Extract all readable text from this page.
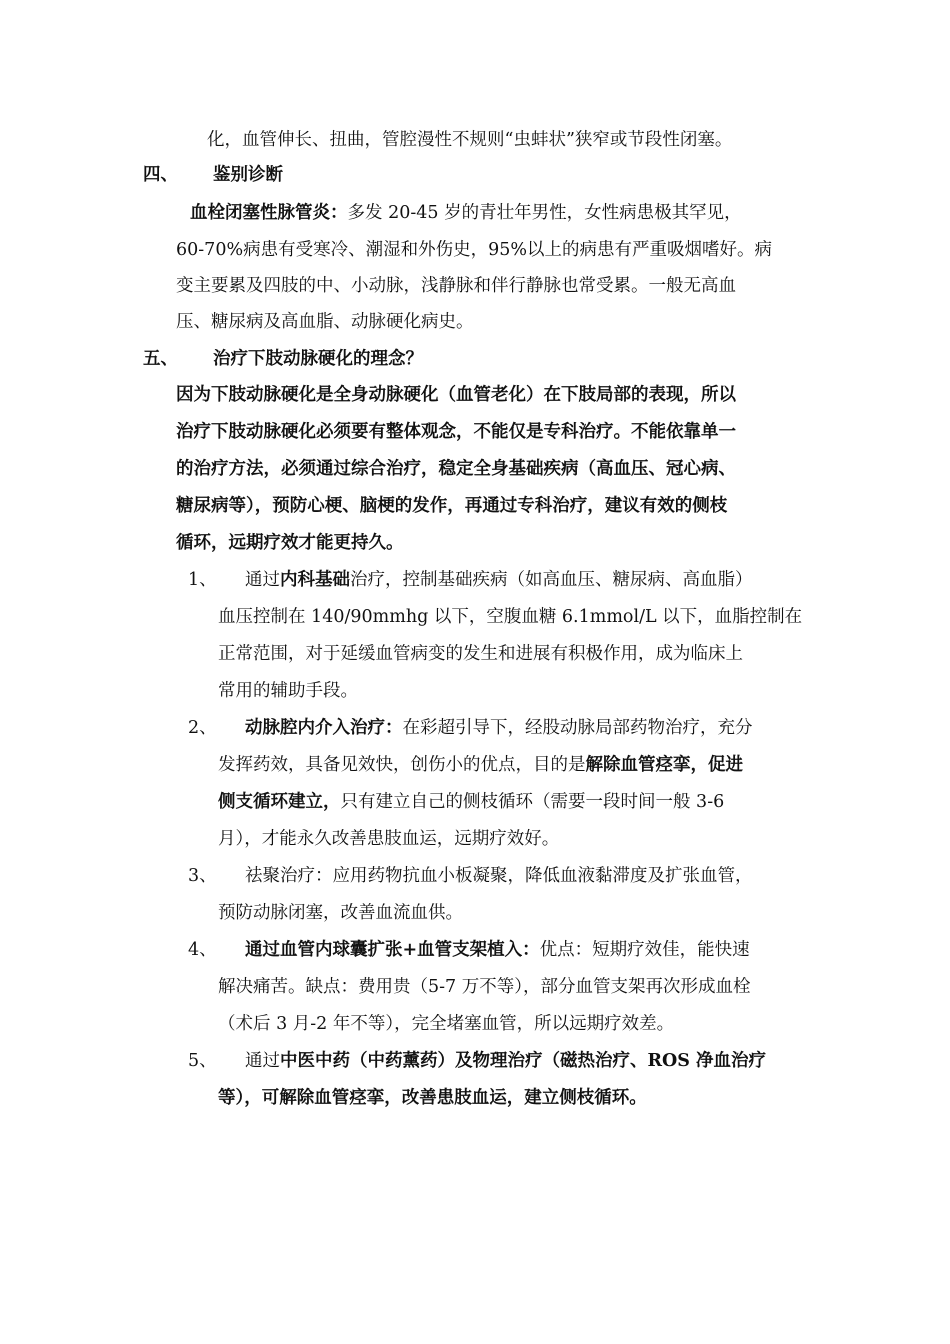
化，血管伸长、扭曲，管腔漫性不规则“虫蚌状”狭窄或节段性闭塞。
四、 鉴别诊断
血栓闭塞性脉管炎：多发 20-45 岁的青壮年男性，女性病患极其罕见，
60-70%病患有受寒冷、潮湿和外伤史，95%以上的病患有严重吸烟嗜好。病
变主要累及四肢的中、小动脉，浅静脉和伴行静脉也常受累。一般无高血
压、糖尿病及高血脂、动脉硬化病史。
五、 治疗下肢动脉硬化的理念？
因为下肢动脉硬化是全身动脉硬化（血管老化）在下肢局部的表现，所以
治疗下肢动脉硬化必须要有整体观念，不能仅是专科治疗。不能依靠单一
的治疗方法，必须通过综合治疗，稳定全身基础疾病（高血压、冠心病、
糖尿病等），预防心梗、脑梗的发作，再通过专科治疗，建议有效的侧枝
循环，远期疗效才能更持久。
1、 通过内科基础治疗，控制基础疾病（如高血压、糖尿病、高血脂）
血压控制在 140/90mmhg 以下，空腹血糖 6.1mmol/L 以下，血脂控制在
正常范围，对于延缓血管病变的发生和进展有积极作用，成为临床上
常用的辅助手段。
2、 动脉腔内介入治疗：在彩超引导下，经股动脉局部药物治疗，充分
发挥药效，具备见效快，创伤小的优点，目的是解除血管痉挛，促进
侧支循环建立，只有建立自己的侧枝循环（需要一段时间一般 3-6
月），才能永久改善患肢血运，远期疗效好。
3、 祛聚治疗：应用药物抗血小板凝聚，降低血液黏滞度及扩张血管，
预防动脉闭塞，改善血流血供。
4、 通过血管内球囊扩张+血管支架植入：优点：短期疗效佳，能快速
解决痛苦。缺点：费用贵（5-7 万不等），部分血管支架再次形成血栓
（术后 3 月-2 年不等），完全堵塞血管，所以远期疗效差。
5、 通过中医中药（中药薰药）及物理治疗（磁热治疗、ROS 净血治疗
等），可解除血管痉挛，改善患肢血运，建立侧枝循环。
